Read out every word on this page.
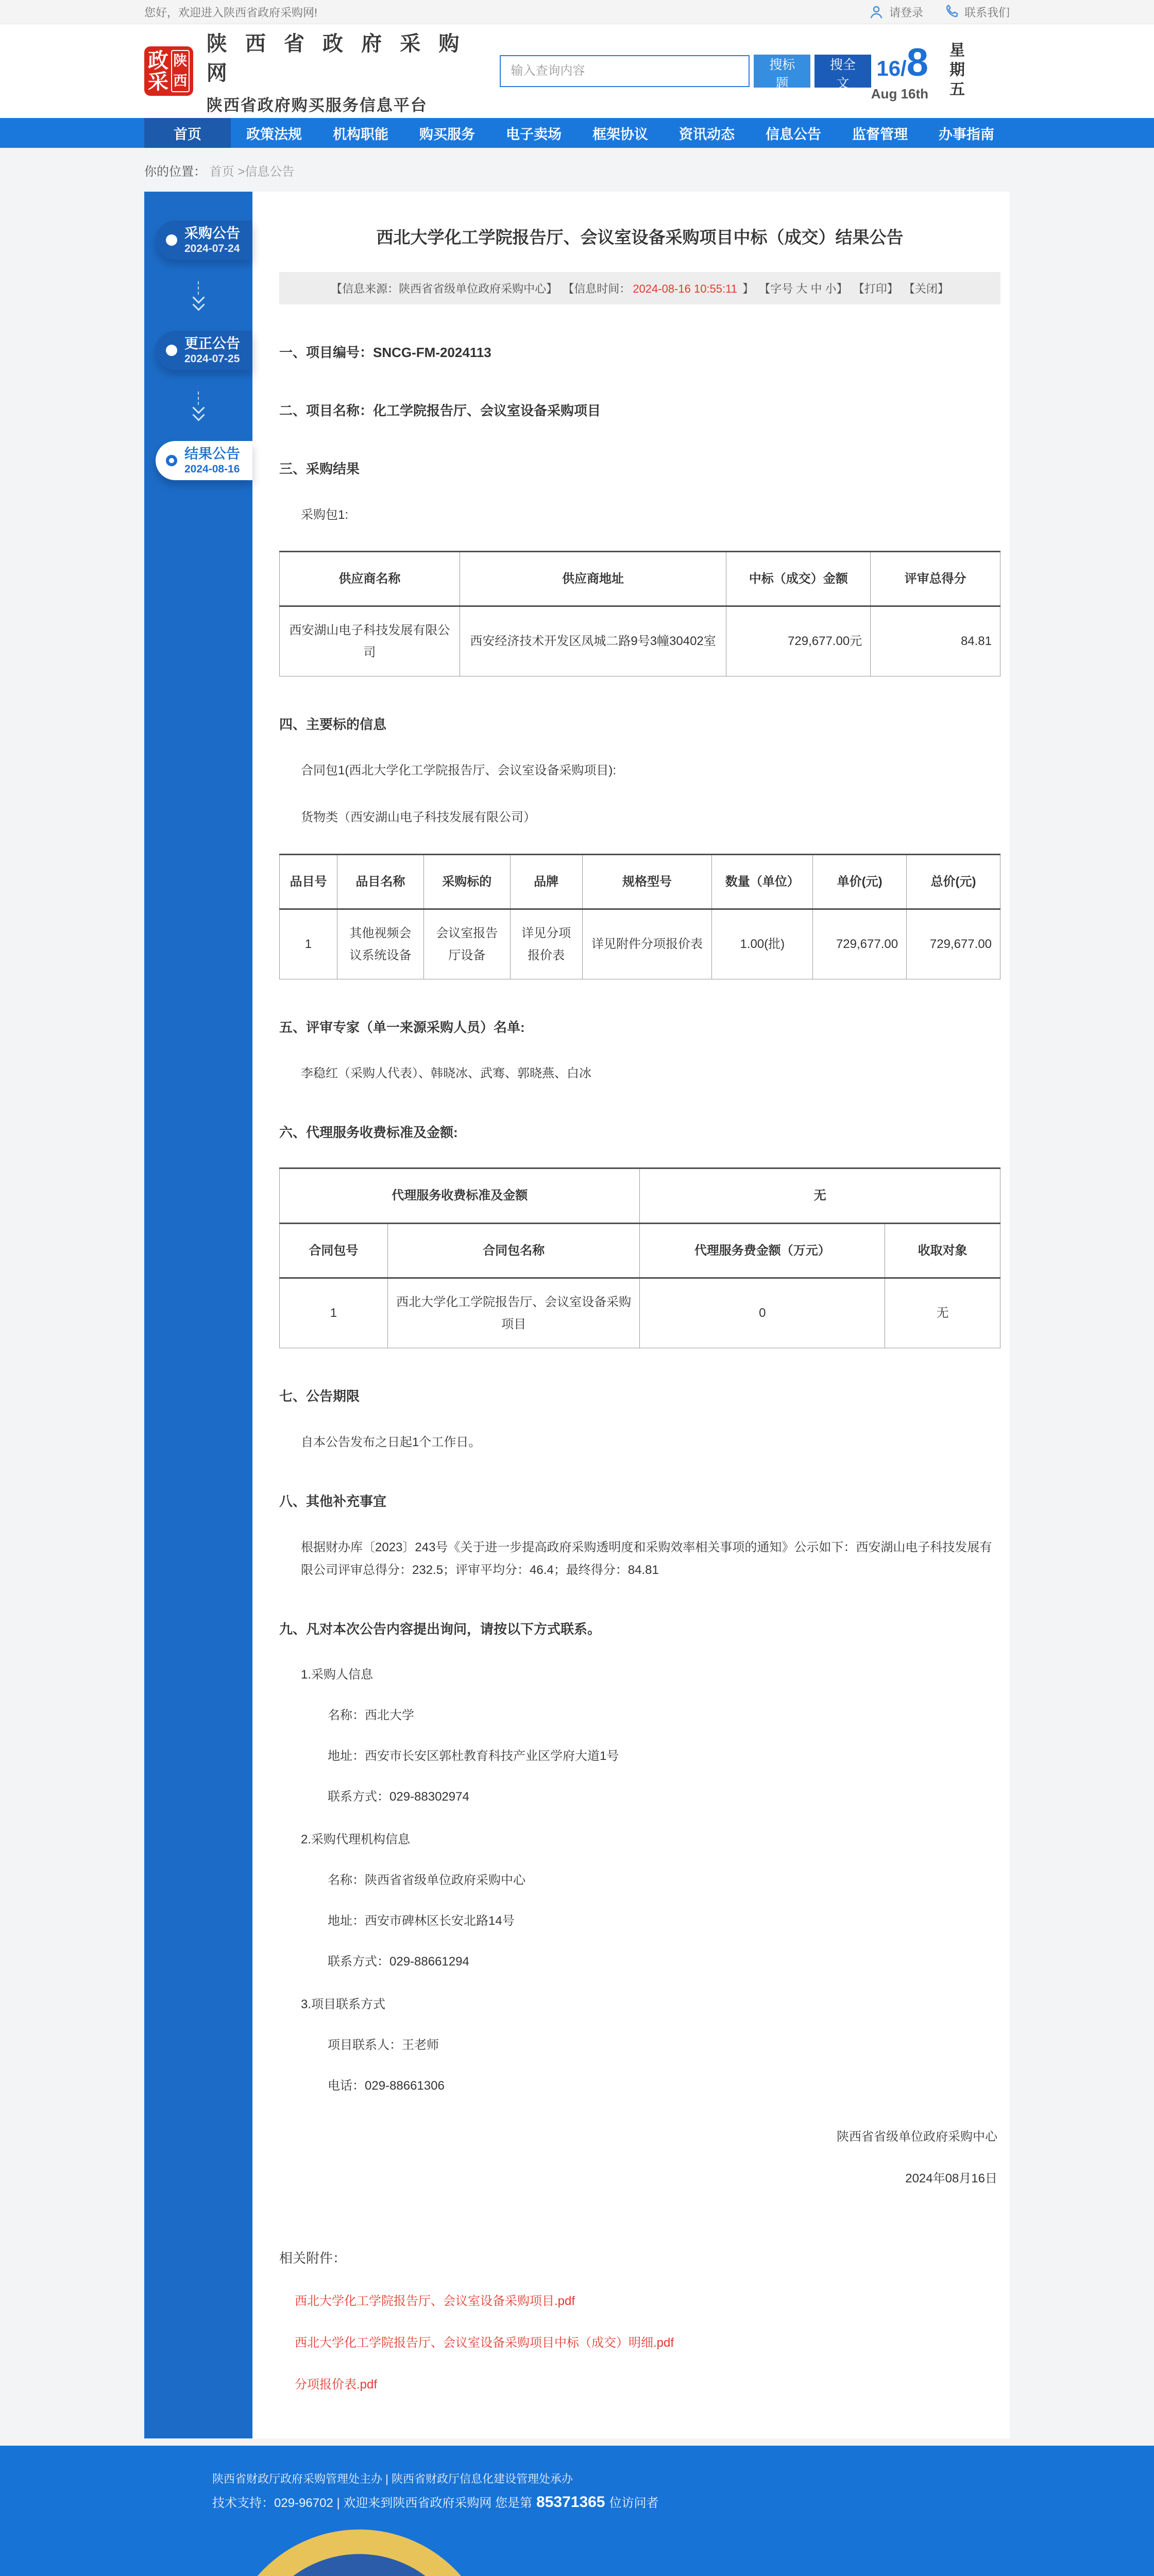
您好，欢迎进入陕西省政府采购网!	请登录	联系我们
政
采
陕
西
陕 西 省 政 府 采 购 网
陕西省政府购买服务信息平台
输入查询内容
搜标题
搜全文
16/8
Aug 16th 星期五
首页	政策法规	机构职能	购买服务	电子卖场	框架协议	资讯动态	信息公告	监督管理	办事指南
你的位置： 首页 >信息公告
采购公告
2024-07-24
更正公告
2024-07-25
结果公告
2024-08-16
西北大学化工学院报告厅、会议室设备采购项目中标（成交）结果公告
【信息来源：陕西省省级单位政府采购中心】 【信息时间： 2024-08-16 10:55:11 】 【字号 大 中 小】 【打印】 【关闭】
一、项目编号：SNCG-FM-2024113
二、项目名称：化工学院报告厅、会议室设备采购项目
三、采购结果
采购包1:
供应商名称	供应商地址	中标（成交）金额	评审总得分
西安湖山电子科技发展有限公司	西安经济技术开发区凤城二路9号3幢30402室	729,677.00元	84.81
四、主要标的信息
合同包1(西北大学化工学院报告厅、会议室设备采购项目):
货物类（西安湖山电子科技发展有限公司）
品目号	品目名称	采购标的	品牌	规格型号	数量（单位）	单价(元)	总价(元)
1	其他视频会议系统设备	会议室报告厅设备	详见分项报价表	详见附件分项报价表	1.00(批)	729,677.00	729,677.00
五、评审专家（单一来源采购人员）名单:
李稳红（采购人代表）、韩晓冰、武骞、郭晓燕、白冰
六、代理服务收费标准及金额:
代理服务收费标准及金额		无	
合同包号	合同包名称	代理服务费金额（万元）	收取对象
1	西北大学化工学院报告厅、会议室设备采购项目	0	无
七、公告期限
自本公告发布之日起1个工作日。
八、其他补充事宜
根据财办库〔2023〕243号《关于进一步提高政府采购透明度和采购效率相关事项的通知》公示如下：西安湖山电子科技发展有限公司评审总得分：232.5；评审平均分：46.4；最终得分：84.81
九、凡对本次公告内容提出询问，请按以下方式联系。
1.采购人信息
名称：西北大学
地址：西安市长安区郭杜教育科技产业区学府大道1号
联系方式：029-88302974
2.采购代理机构信息
名称：陕西省省级单位政府采购中心
地址：西安市碑林区长安北路14号
联系方式：029-88661294
3.项目联系方式
项目联系人：王老师
电话：029-88661306
陕西省省级单位政府采购中心
2024年08月16日
相关附件：
西北大学化工学院报告厅、会议室设备采购项目.pdf
西北大学化工学院报告厅、会议室设备采购项目中标（成交）明细.pdf
分项报价表.pdf
陕西省财政厅政府采购管理处主办 | 陕西省财政厅信息化建设管理处承办
技术支持：029-96702 | 欢迎来到陕西省政府采购网 您是第 85371365 位访问者
